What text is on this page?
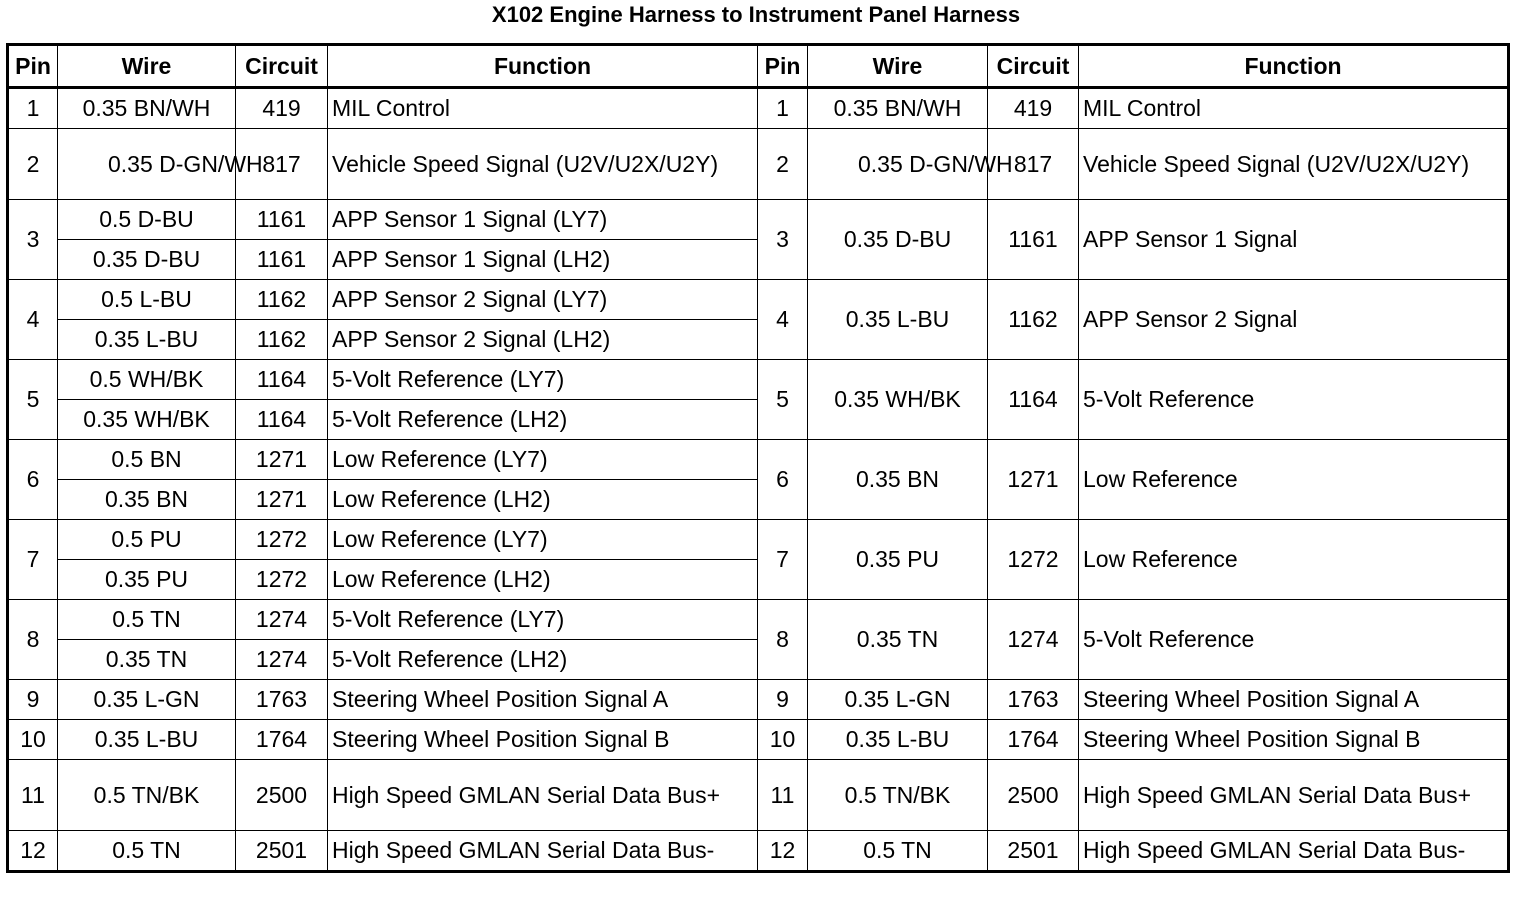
X102 Engine Harness to Instrument Panel Harness
Pin	Wire	Circuit	Function	Pin	Wire	Circuit	Function
1	0.35 BN/WH	419	MIL Control	1	0.35 BN/WH	419	MIL Control
2	0.35 D-GN/WH	817	Vehicle Speed Signal (U2V/U2X/U2Y)	2	0.35 D-GN/WH	817	Vehicle Speed Signal (U2V/U2X/U2Y)
3	0.5 D-BU	1161	APP Sensor 1 Signal (LY7)	3	0.35 D-BU	1161	APP Sensor 1 Signal
	0.35 D-BU	1161	APP Sensor 1 Signal (LH2)				
4	0.5 L-BU	1162	APP Sensor 2 Signal (LY7)	4	0.35 L-BU	1162	APP Sensor 2 Signal
	0.35 L-BU	1162	APP Sensor 2 Signal (LH2)				
5	0.5 WH/BK	1164	5-Volt Reference (LY7)	5	0.35 WH/BK	1164	5-Volt Reference
	0.35 WH/BK	1164	5-Volt Reference (LH2)				
6	0.5 BN	1271	Low Reference (LY7)	6	0.35 BN	1271	Low Reference
	0.35 BN	1271	Low Reference (LH2)				
7	0.5 PU	1272	Low Reference (LY7)	7	0.35 PU	1272	Low Reference
	0.35 PU	1272	Low Reference (LH2)				
8	0.5 TN	1274	5-Volt Reference (LY7)	8	0.35 TN	1274	5-Volt Reference
	0.35 TN	1274	5-Volt Reference (LH2)				
9	0.35 L-GN	1763	Steering Wheel Position Signal A	9	0.35 L-GN	1763	Steering Wheel Position Signal A
10	0.35 L-BU	1764	Steering Wheel Position Signal B	10	0.35 L-BU	1764	Steering Wheel Position Signal B
11	0.5 TN/BK	2500	High Speed GMLAN Serial Data Bus+	11	0.5 TN/BK	2500	High Speed GMLAN Serial Data Bus+
12	0.5 TN	2501	High Speed GMLAN Serial Data Bus-	12	0.5 TN	2501	High Speed GMLAN Serial Data Bus-
